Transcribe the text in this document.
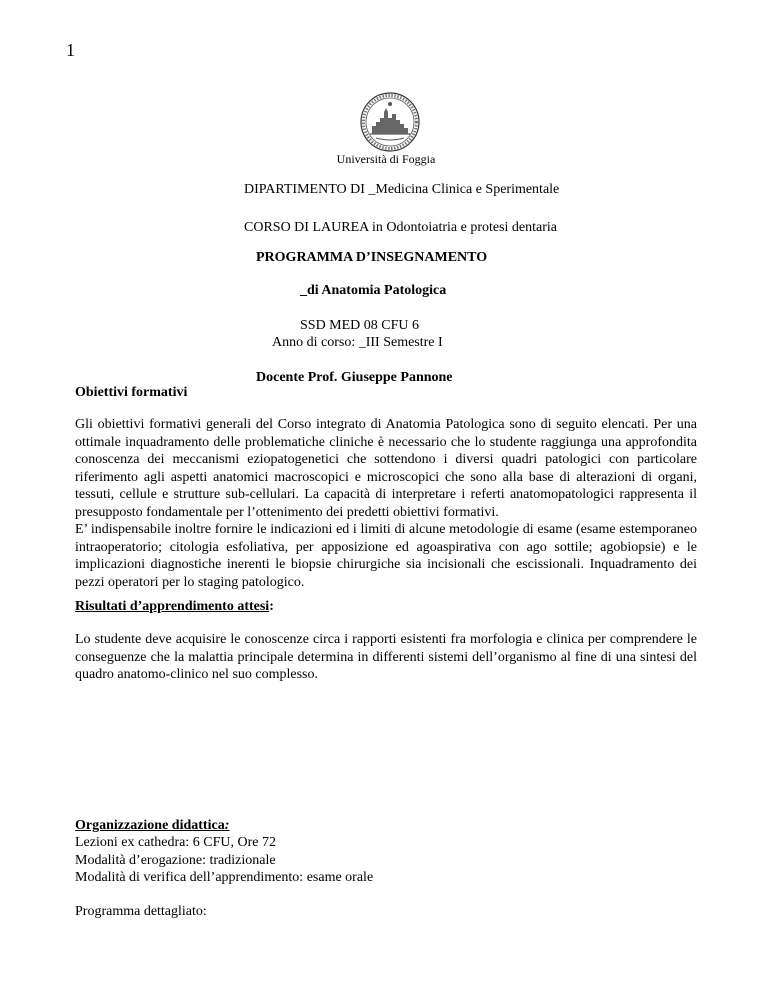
1
Università di Foggia
DIPARTIMENTO DI _Medicina Clinica e Sperimentale
CORSO DI LAUREA in Odontoiatria e protesi dentaria
PROGRAMMA D’INSEGNAMENTO
_di Anatomia Patologica
SSD MED 08 CFU 6
Anno di corso: _III Semestre I
Docente Prof. Giuseppe Pannone
Obiettivi formativi

Gli obiettivi formativi generali del Corso integrato di Anatomia Patologica sono di seguito elencati. Per una ottimale inquadramento delle problematiche cliniche è necessario che lo studente raggiunga una approfondita conoscenza dei meccanismi eziopatogenetici che sottendono i diversi quadri patologici con particolare riferimento agli aspetti anatomici macroscopici e microscopici che sono alla base di alterazioni di organi, tessuti, cellule e strutture sub-cellulari. La capacità di interpretare i referti anatomopatologici rappresenta il presupposto fondamentale per l’ottenimento dei predetti obiettivi formativi.

E’ indispensabile inoltre fornire le indicazioni ed i limiti di alcune metodologie di esame (esame estemporaneo intraoperatorio; citologia esfoliativa, per apposizione ed agoaspirativa con ago sottile; agobiopsie) e le implicazioni diagnostiche inerenti le biopsie chirurgiche sia incisionali che escissionali. Inquadramento dei pezzi operatori per lo staging patologico.

Risultati d’apprendimento attesi:
Lo studente deve acquisire le conoscenze circa i rapporti esistenti fra morfologia e clinica per comprendere le conseguenze che la malattia principale determina in differenti sistemi dell’organismo al fine di una sintesi del quadro anatomo-clinico nel suo complesso.
Organizzazione didattica:
Lezioni ex cathedra: 6 CFU, Ore 72
Modalità d’erogazione: tradizionale
Modalità di verifica dell’apprendimento: esame orale
Programma dettagliato:
